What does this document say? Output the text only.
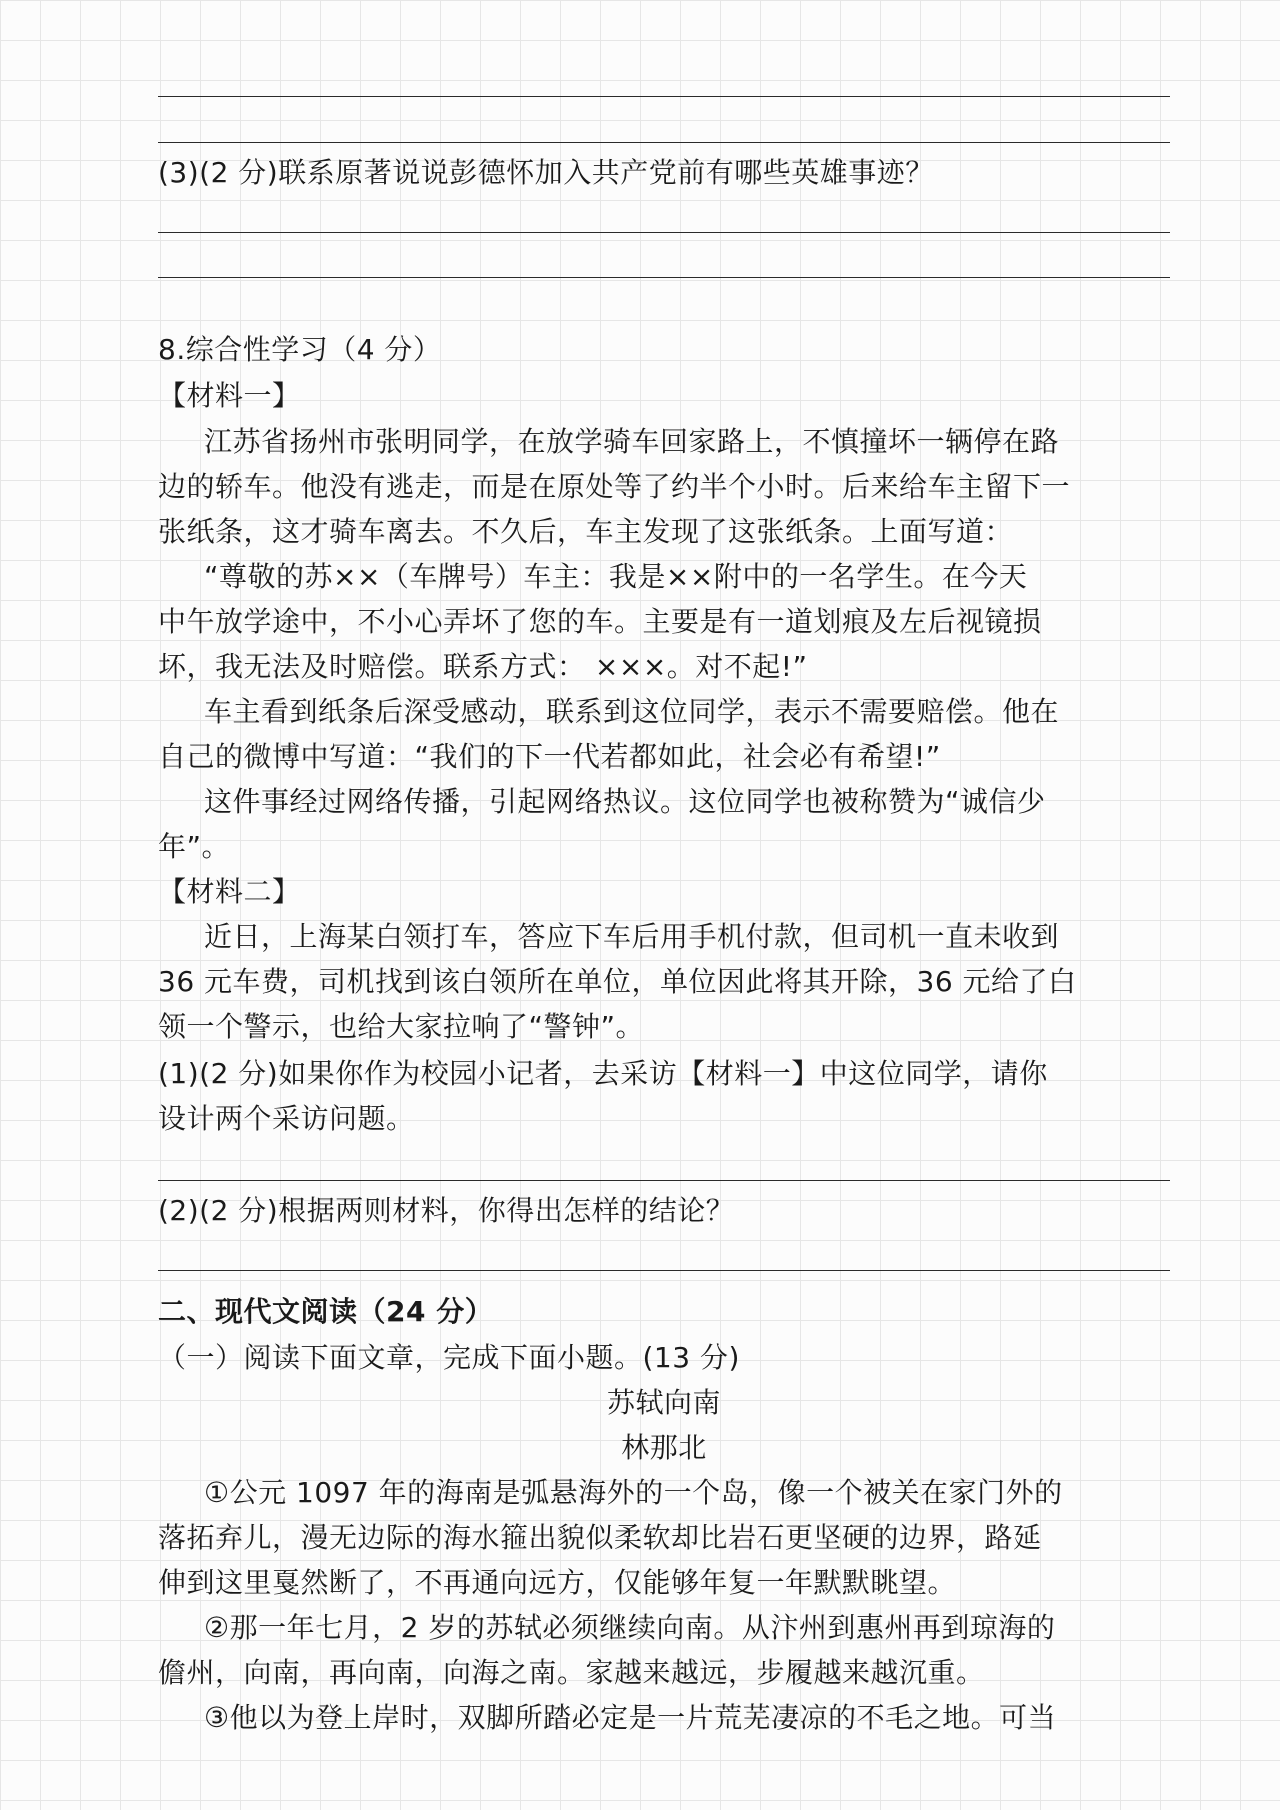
(3)(2 分)联系原著说说彭德怀加入共产党前有哪些英雄事迹？
8.综合性学习（4 分）
【材料一】
江苏省扬州市张明同学，在放学骑车回家路上，不慎撞坏一辆停在路
边的轿车。他没有逃走，而是在原处等了约半个小时。后来给车主留下一
张纸条，这才骑车离去。不久后，车主发现了这张纸条。上面写道：
“尊敬的苏××（车牌号）车主：我是××附中的一名学生。在今天
中午放学途中，不小心弄坏了您的车。主要是有一道划痕及左后视镜损
坏，我无法及时赔偿。联系方式： ×××。对不起!”
车主看到纸条后深受感动，联系到这位同学，表示不需要赔偿。他在
自己的微博中写道：“我们的下一代若都如此，社会必有希望!”
这件事经过网络传播，引起网络热议。这位同学也被称赞为“诚信少
年”。
【材料二】
近日，上海某白领打车，答应下车后用手机付款，但司机一直未收到
36 元车费，司机找到该白领所在单位，单位因此将其开除，36 元给了白
领一个警示，也给大家拉响了“警钟”。
(1)(2 分)如果你作为校园小记者，去采访【材料一】中这位同学，请你
设计两个采访问题。
(2)(2 分)根据两则材料，你得出怎样的结论？
二、现代文阅读（24 分）
（一）阅读下面文章，完成下面小题。(13 分)
苏轼向南
林那北
①公元 1097 年的海南是弧悬海外的一个岛，像一个被关在家门外的
落拓弃儿，漫无边际的海水箍出貌似柔软却比岩石更坚硬的边界，路延
伸到这里戛然断了，不再通向远方，仅能够年复一年默默眺望。
②那一年七月，2 岁的苏轼必须继续向南。从汴州到惠州再到琼海的
儋州，向南，再向南，向海之南。家越来越远，步履越来越沉重。
③他以为登上岸时，双脚所踏必定是一片荒芜凄凉的不毛之地。可当
